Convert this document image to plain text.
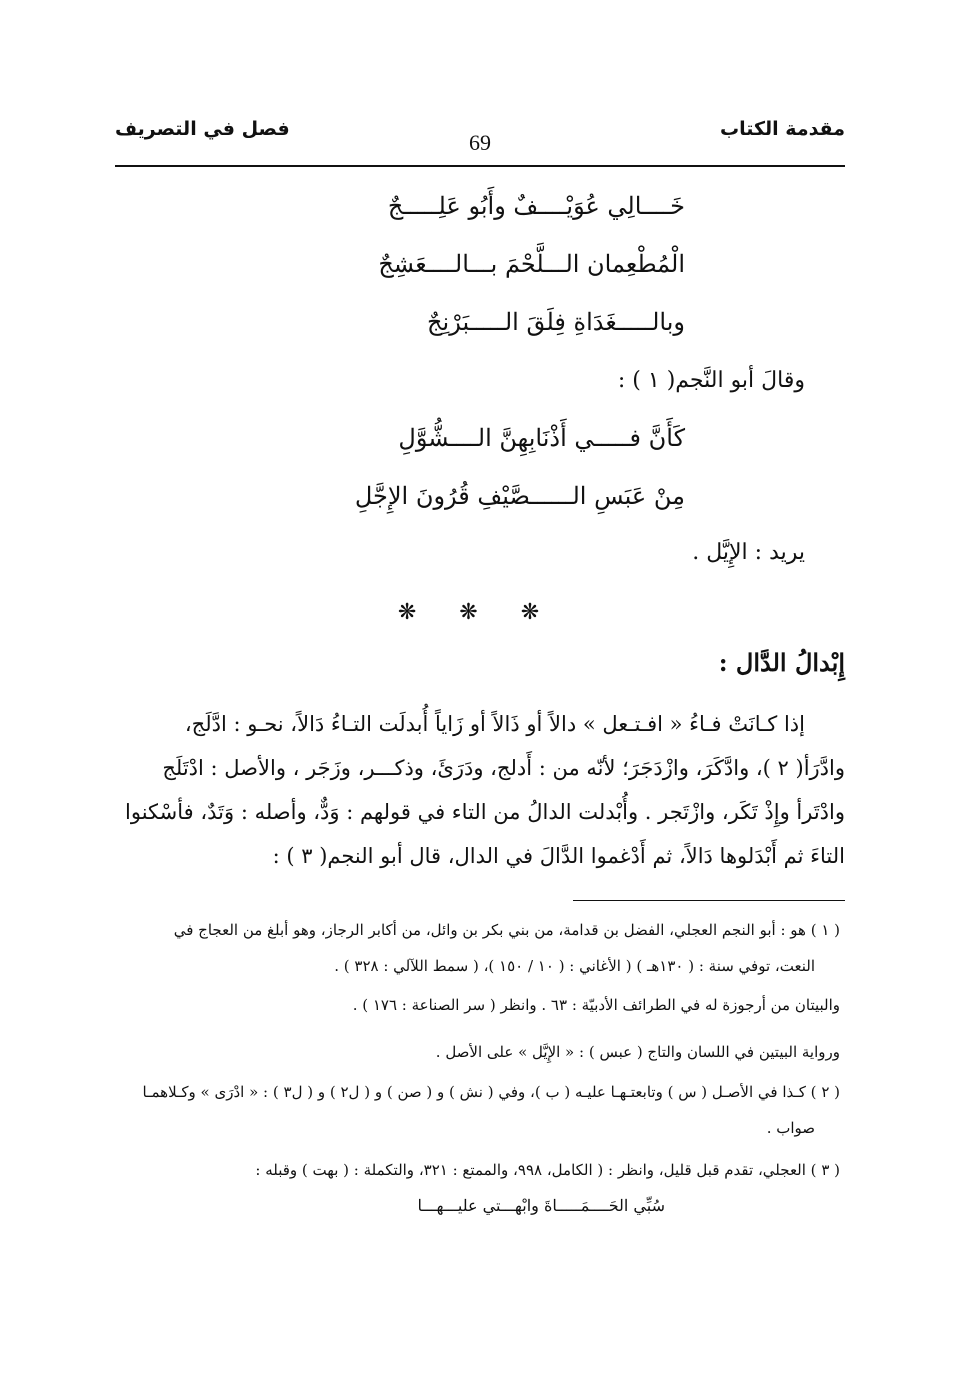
مقدمة الكتاب
69
فصل في التصريف
خَــــالِي عُوَيْــــفٌ وأَبُو عَلِـــــجٌ
الْمُطْعِمان الـــلَّحْمَ بـــالــــعَشِجٌ
وبالـــــغَدَاةِ فِلَقَ الـــــبَرْنِجٌ
وقالَ أبو النَّجم( ١ ) :
كَأَنَّ فـــــي أَذْنَابِهِنَّ الــــشُّوَّلِ
مِنْ عَبَسِ الــــــصَّيْفِ قُرُونَ الإِجَّلِ
يريد : الإِيَّل .
❋ ❋ ❋
إِبْدالُ الدَّال :
إذا كـانَتْ فـاءُ « افـتـعل » دالاً أو ذَالاً أو زَاياً أُبدلَت التـاءُ دَالاً، نحـو : ادَّلَج،
وادَّرَأ( ٢ )، وادَّكَرَ، وازْدَجَرَ؛ لأنّه من : أَدلج، ودَرَئَ، وذكـــر، وزَجَر ، والأصل : ادْتَلَج
وادْتَرأ وإِذْ تَكَر، وازْتَجر . وأُبْدلت الدالُ من التاء في قولهم : وَدٌّ، وأصله : وَتَدٌ، فأسْكنوا
التاءَ ثم أَبْدَلوها دَالاً، ثم أَدْغموا الدَّالَ في الدال، قال أبو النجم( ٣ ) :
( ١ ) هو : أبو النجم العجلي، الفضل بن قدامة، من بني بكر بن وائل، من أكابر الرجاز، وهو أبلغ من العجاج في
النعت، توفي سنة : ( ١٣٠هـ ) ( الأغاني : ( ١٠ / ١٥٠ )، ( سمط اللآلي : ٣٢٨ ) .
والبيتان من أرجوزة له في الطرائف الأدبيّة : ٦٣ . وانظر ( سر الصناعة : ١٧٦ ) .
ورواية البيتين في اللسان والتاج ( عبس ) : « الإِيَّل » على الأصل .
( ٢ ) كـذا في الأصـل ( س ) وتابعتـهـا عليـه ( ب )، وفي ( نش ) و ( صن ) و ( ل٢ ) و ( ل٣ ) : « ادْرَى » وكـلاهمـا
صواب .
( ٣ ) العجلي، تقدم قبل قليل، وانظر : ( الكامل، ٩٩٨، والممتع : ٣٢١، والتكملة : ( بهت ) وقبله :
سُبِّي الحَــــمَـــــاةَ وابْهـــتي عليـــهـــا
